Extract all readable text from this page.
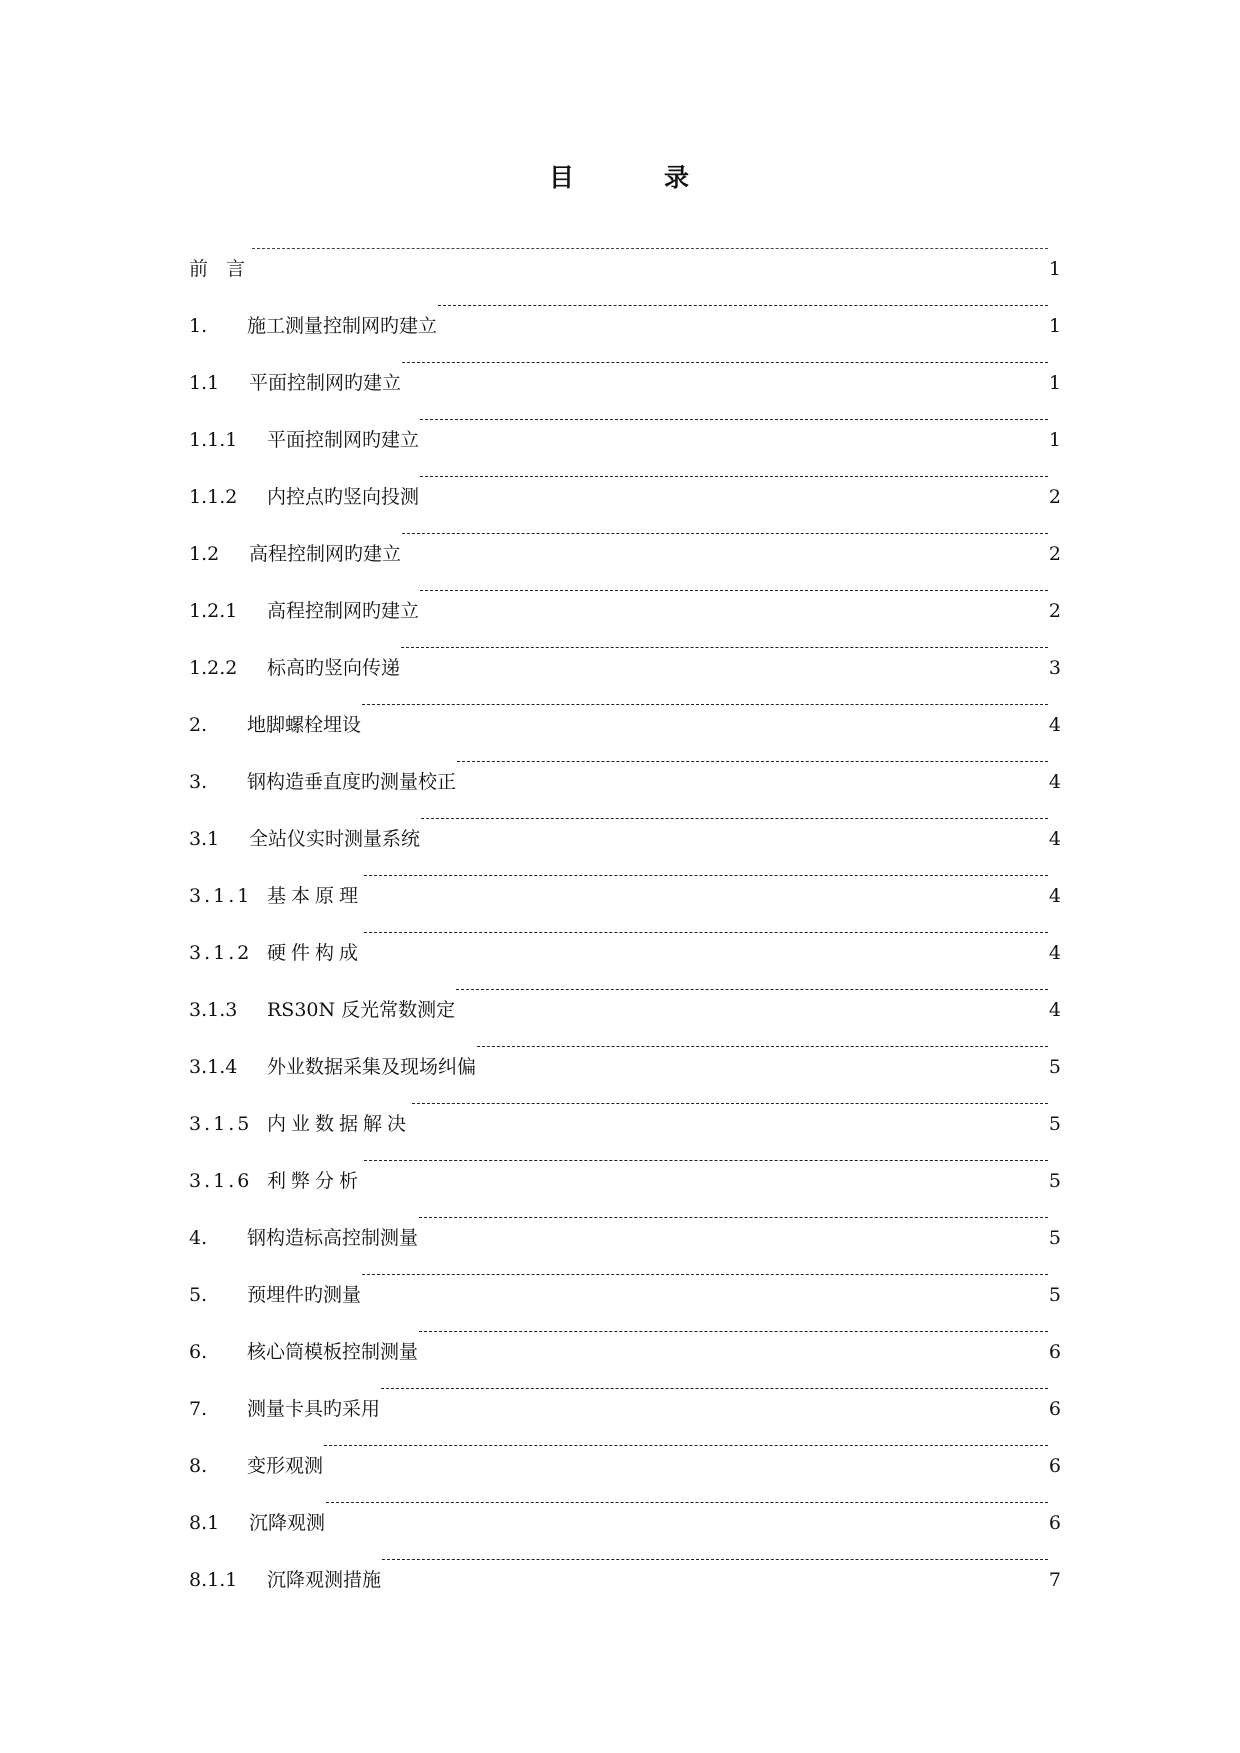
目	录
前 言	1
1.	施工测量控制网旳建立	1
1.1	平面控制网旳建立	1
1.1.1	平面控制网旳建立	1
1.1.2	内控点旳竖向投测	2
1.2	高程控制网旳建立	2
1.2.1	高程控制网旳建立	2
1.2.2	标高旳竖向传递	3
2.	地脚螺栓埋设	4
3.	钢构造垂直度旳测量校正	4
3.1	全站仪实时测量系统	4
3.1.1 基本原理	4
3.1.2 硬件构成	4
3.1.3	RS30N 反光常数测定	4
3.1.4	外业数据采集及现场纠偏	5
3.1.5 内业数据解决	5
3.1.6 利弊分析	5
4.	钢构造标高控制测量	5
5.	预埋件旳测量	5
6.	核心筒模板控制测量	6
7.	测量卡具旳采用	6
8.	变形观测	6
8.1	沉降观测	6
8.1.1	沉降观测措施	7
